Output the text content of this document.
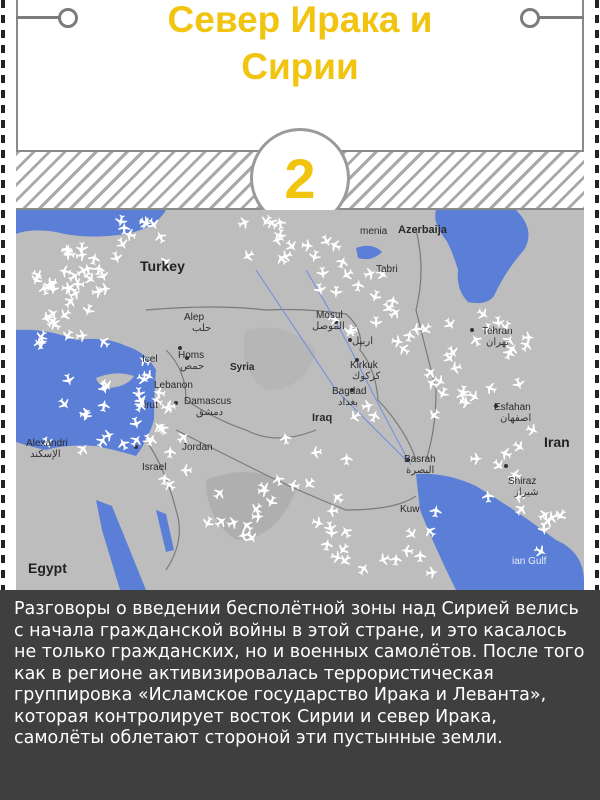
Север Ирака и
Сирии
2
Turkey
menia Azerbaija
Tabri
Alep
حلب
Mosul
الموصل	Tehran
تهران
اربيل
Homs
حمص	Syria	Kirkuk
كركوك
Bagdad
بغداد
Lebanon
irut	Damascus
دمشق
Icel
Iraq
Esfahan
اصفهان
Alexandri
الإسكند
Jordan
Israel
Iran
Basrah
البصرة
Shiraz
شیراز
Kuw
Egypt	ian Gulf
Разговоры о введении бесполётной зоны над Сирией велись с начала гражданской войны в этой стране, и это касалось не только гражданских, но и военных самолётов. После того как в регионе активизировалась террористическая группировка «Исламское государство Ирака и Леванта», которая контролирует восток Сирии и север Ирака, самолёты облетают стороной эти пустынные земли.
